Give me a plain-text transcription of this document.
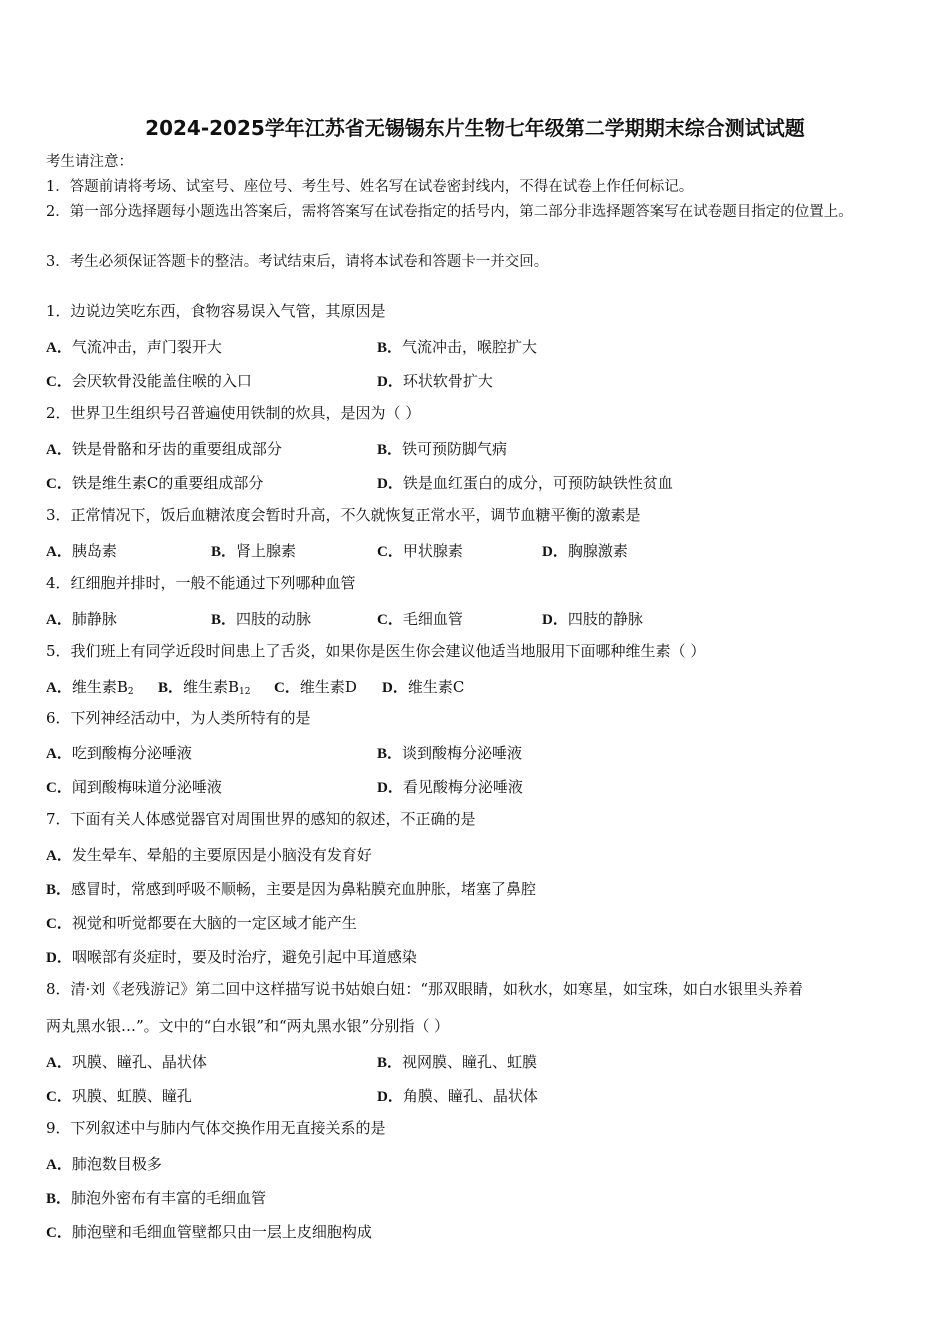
2024-2025学年江苏省无锡锡东片生物七年级第二学期期末综合测试试题
考生请注意：
1．答题前请将考场、试室号、座位号、考生号、姓名写在试卷密封线内，不得在试卷上作任何标记。
2．第一部分选择题每小题选出答案后，需将答案写在试卷指定的括号内，第二部分非选择题答案写在试卷题目指定的位置上。
3．考生必须保证答题卡的整洁。考试结束后，请将本试卷和答题卡一并交回。
1．边说边笑吃东西，食物容易误入气管，其原因是
A．气流冲击，声门裂开大	B．气流冲击，喉腔扩大
C．会厌软骨没能盖住喉的入口	D．环状软骨扩大
2．世界卫生组织号召普遍使用铁制的炊具，是因为（ ）
A．铁是骨骼和牙齿的重要组成部分	B．铁可预防脚气病
C．铁是维生素C的重要组成部分	D．铁是血红蛋白的成分，可预防缺铁性贫血
3．正常情况下，饭后血糖浓度会暂时升高，不久就恢复正常水平，调节血糖平衡的激素是
A．胰岛素	B．肾上腺素	C．甲状腺素	D．胸腺激素
4．红细胞并排时，一般不能通过下列哪种血管
A．肺静脉	B．四肢的动脉	C．毛细血管	D．四肢的静脉
5．我们班上有同学近段时间患上了舌炎，如果你是医生你会建议他适当地服用下面哪种维生素（ ）
A．维生素$B_2$ B．维生素$B_{12}$ C．维生素D D．维生素C
6．下列神经活动中，为人类所特有的是
A．吃到酸梅分泌唾液	B．谈到酸梅分泌唾液
C．闻到酸梅味道分泌唾液	D．看见酸梅分泌唾液
7．下面有关人体感觉器官对周围世界的感知的叙述，不正确的是
A．发生晕车、晕船的主要原因是小脑没有发育好
B．感冒时，常感到呼吸不顺畅，主要是因为鼻粘膜充血肿胀，堵塞了鼻腔
C．视觉和听觉都要在大脑的一定区域才能产生
D．咽喉部有炎症时，要及时治疗，避免引起中耳道感染
8．清·刘《老残游记》第二回中这样描写说书姑娘白妞：“那双眼睛，如秋水，如寒星，如宝珠，如白水银里头养着
两丸黑水银…”。文中的“白水银”和“两丸黑水银”分别指（ ）
A．巩膜、瞳孔、晶状体	B．视网膜、瞳孔、虹膜
C．巩膜、虹膜、瞳孔	D．角膜、瞳孔、晶状体
9．下列叙述中与肺内气体交换作用无直接关系的是
A．肺泡数目极多
B．肺泡外密布有丰富的毛细血管
C．肺泡壁和毛细血管壁都只由一层上皮细胞构成
